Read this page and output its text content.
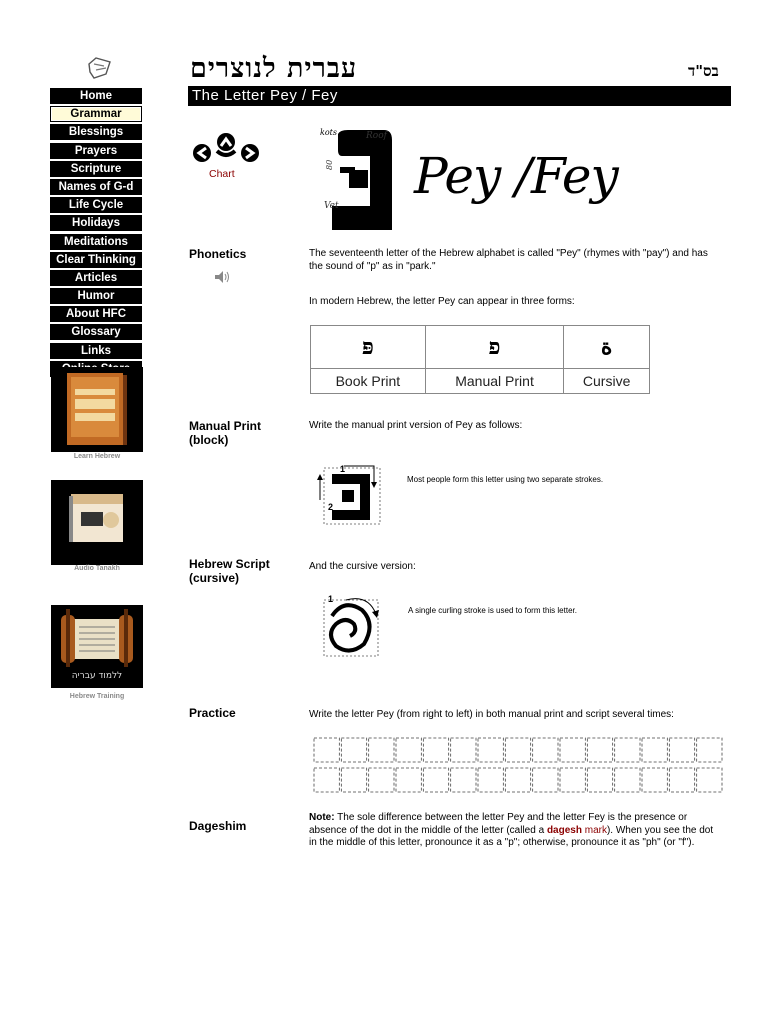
Home
Grammar
Blessings
Prayers
Scripture
Names of G-d
Life Cycle
Holidays
Meditations
Clear Thinking
Articles
Humor
About HFC
Glossary
Links
Learn Hebrew
Audio Tanakh
ללמוד עבריה
Hebrew Training
עברית לנוצרים	בס"ד
The Letter Pey / Fey
Chart
kots	Roof
Vet
80 Pey /Fey
Phonetics	The seventeenth letter of the Hebrew alphabet is called "Pey" (rhymes with "pay") and has the sound of "p" as in "park."
In modern Hebrew, the letter Pey can appear in three forms:
פּ	פ	ة
Book Print	Manual Print	Cursive
Manual Print (block)
Write the manual print version of Pey as follows:
1
2
Most people form this letter using two separate strokes.
Hebrew Script (cursive)
And the cursive version:
1
A single curling stroke is used to form this letter.
Practice	Write the letter Pey (from right to left) in both manual print and script several times:
Dageshim
Note: The sole difference between the letter Pey and the letter Fey is the presence or absence of the dot in the middle of the letter (called a dagesh mark). When you see the dot in the middle of this letter, pronounce it as a "p"; otherwise, pronounce it as "ph" (or "f").
